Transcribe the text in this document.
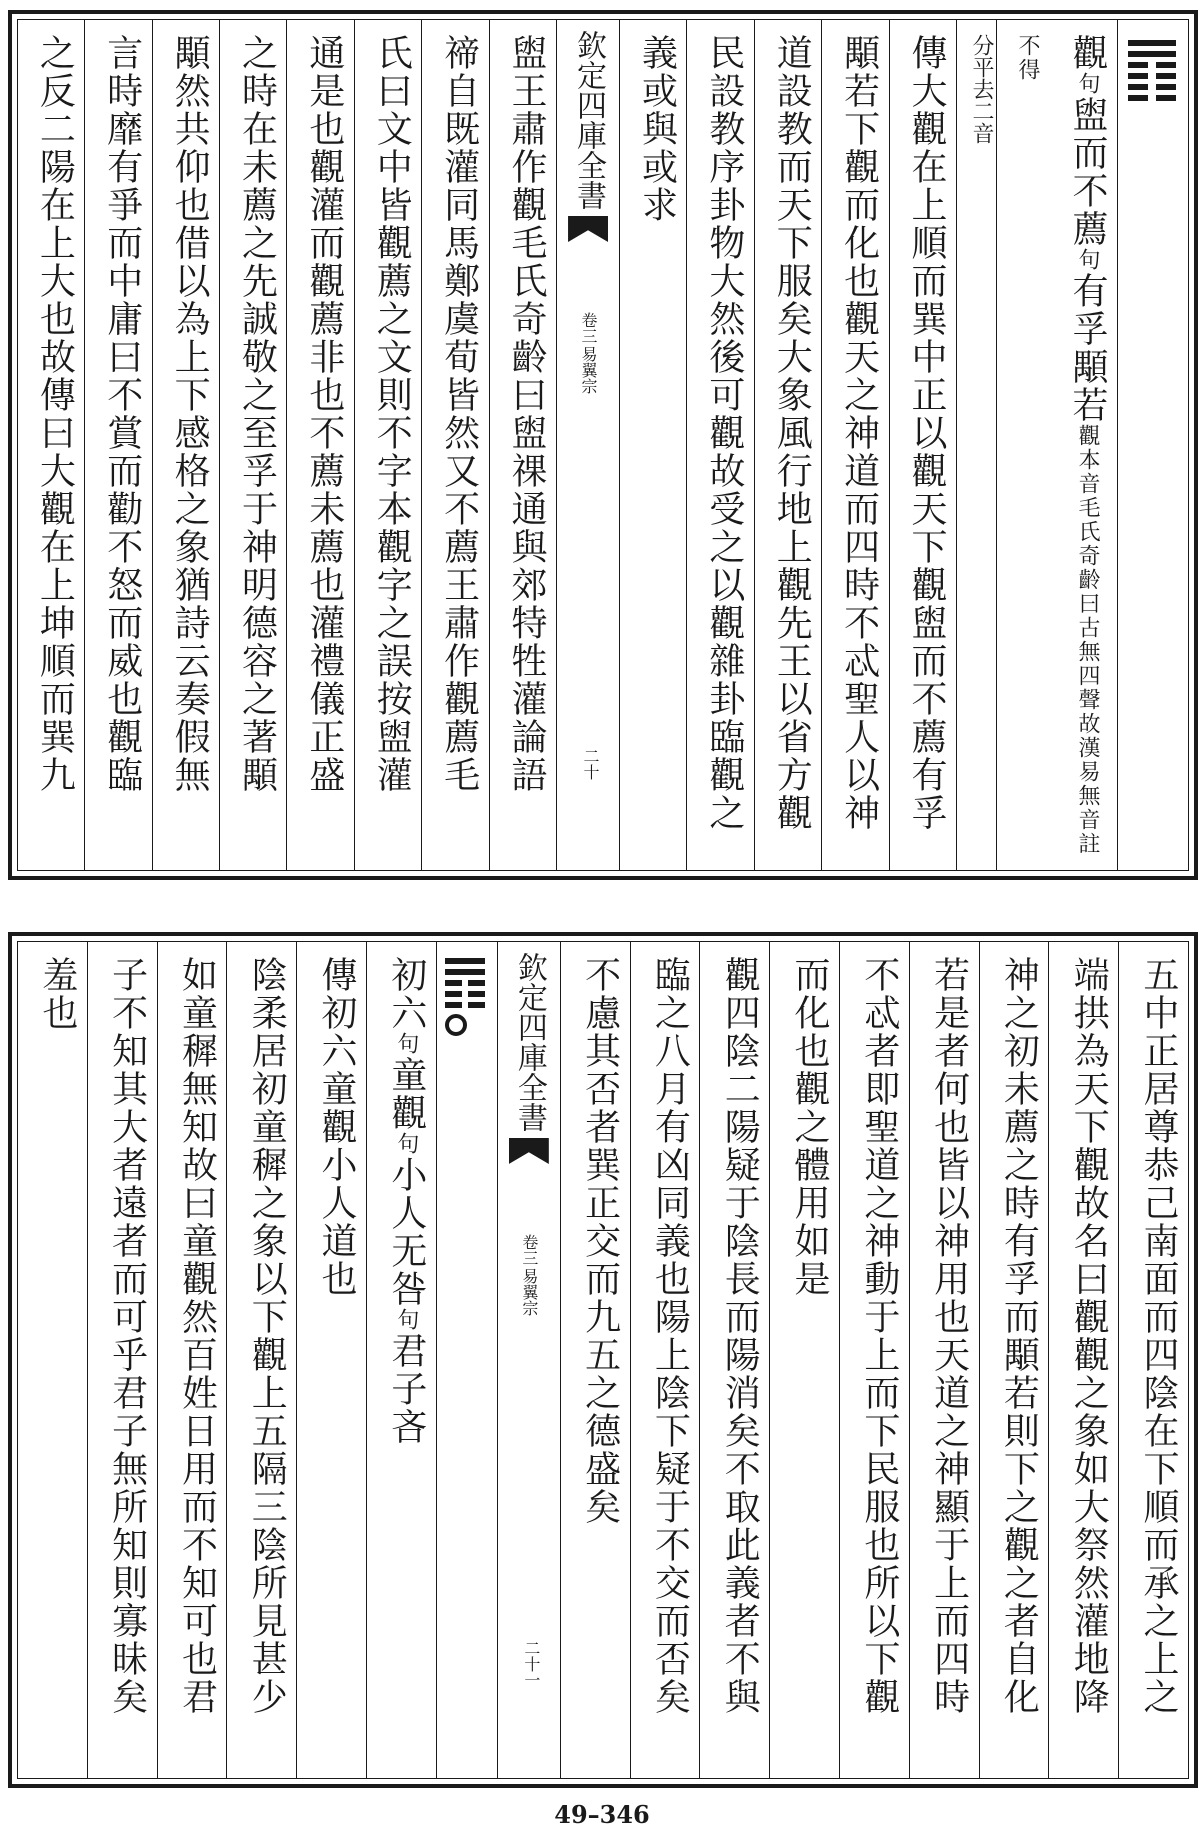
觀句盥而不薦句有孚顒若觀本音毛氏奇齡曰古無四聲故漢易無音註不得
分平去二音
傳大觀在上順而巽中正以觀天下觀盥而不薦有孚
顒若下觀而化也觀天之神道而四時不忒聖人以神
道設教而天下服矣大象風行地上觀先王以省方觀
民設教序卦物大然後可觀故受之以觀雜卦臨觀之
義或與或求
欽定四庫全書
易翼宗
卷三
二十
盥王肅作觀毛氏奇齡曰盥祼通與郊特牲灌論語
禘自既灌同馬鄭虞荀皆然又不薦王肅作觀薦毛
氏曰文中皆觀薦之文則不字本觀字之誤按盥灌
通是也觀灌而觀薦非也不薦未薦也灌禮儀正盛
之時在未薦之先誠敬之至孚于神明德容之著顒
顒然共仰也借以為上下感格之象猶詩云奏假無
言時靡有爭而中庸曰不賞而勸不怒而威也觀臨
之反二陽在上大也故傳曰大觀在上坤順而巽九
五中正居尊恭己南面而四陰在下順而承之上之
端拱為天下觀故名曰觀觀之象如大祭然灌地降
神之初未薦之時有孚而顒若則下之觀之者自化
若是者何也皆以神用也天道之神顯于上而四時
不忒者即聖道之神動于上而下民服也所以下觀
而化也觀之體用如是
觀四陰二陽疑于陰長而陽消矣不取此義者不與
臨之八月有凶同義也陽上陰下疑于不交而否矣
不慮其否者巽正交而九五之德盛矣
欽定四庫全書
易翼宗
卷三
二十一
初六句童觀句小人无咎句君子吝
傳初六童觀小人道也
陰柔居初童穉之象以下觀上五隔三陰所見甚少
如童穉無知故曰童觀然百姓日用而不知可也君
子不知其大者遠者而可乎君子無所知則寡昧矣
羞也
49–346
